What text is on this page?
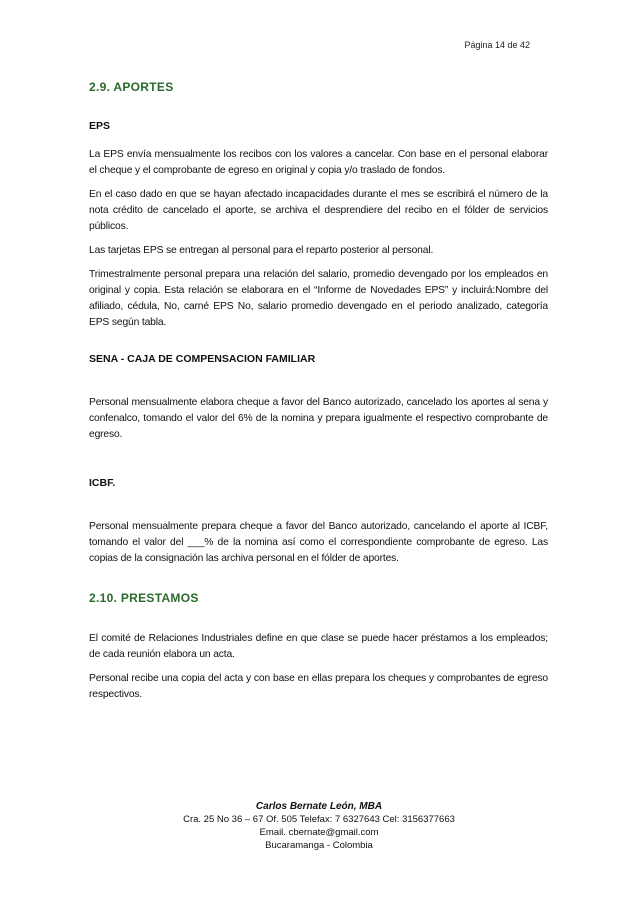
Página 14 de 42
2.9. APORTES
EPS

La EPS envía mensualmente los recibos con los valores a cancelar. Con base en el personal elaborar el cheque y el comprobante de egreso en original y copia y/o traslado de fondos.

En el caso dado en que se hayan afectado incapacidades durante el mes se escribirá el número de la nota crédito de cancelado el aporte, se archiva el desprendiere del recibo en el fólder de servicios públicos.

Las tarjetas EPS se entregan al personal para el reparto posterior al personal.

Trimestralmente personal prepara una relación del salario, promedio devengado por los empleados en original y copia. Esta relación se elaborara en el “Informe de Novedades EPS” y incluirá:Nombre del afiliado, cédula, No, carné EPS No, salario promedio devengado en el periodo analizado, categoría EPS según tabla.

SENA - CAJA DE COMPENSACION FAMILIAR

Personal mensualmente elabora cheque a favor del Banco autorizado, cancelado los aportes al sena y confenalco, tomando el valor del 6% de la nomina y prepara igualmente el respectivo comprobante de egreso.

ICBF.

Personal mensualmente prepara cheque a favor del Banco autorizado, cancelando el aporte al ICBF, tomando el valor del ___% de la nomina así como el correspondiente comprobante de egreso. Las copias de la consignación las archiva personal en el fólder de aportes.

2.10. PRESTAMOS

El comité de Relaciones Industriales define en que clase se puede hacer préstamos a los empleados; de cada reunión elabora un acta.

Personal recibe una copia del acta y con base en ellas prepara los cheques y comprobantes de egreso respectivos.

Carlos Bernate León, MBA
Cra. 25 No 36 – 67 Of. 505 Telefax: 7 6327643 Cel: 3156377663
Email. cbernate@gmail.com
Bucaramanga - Colombia
